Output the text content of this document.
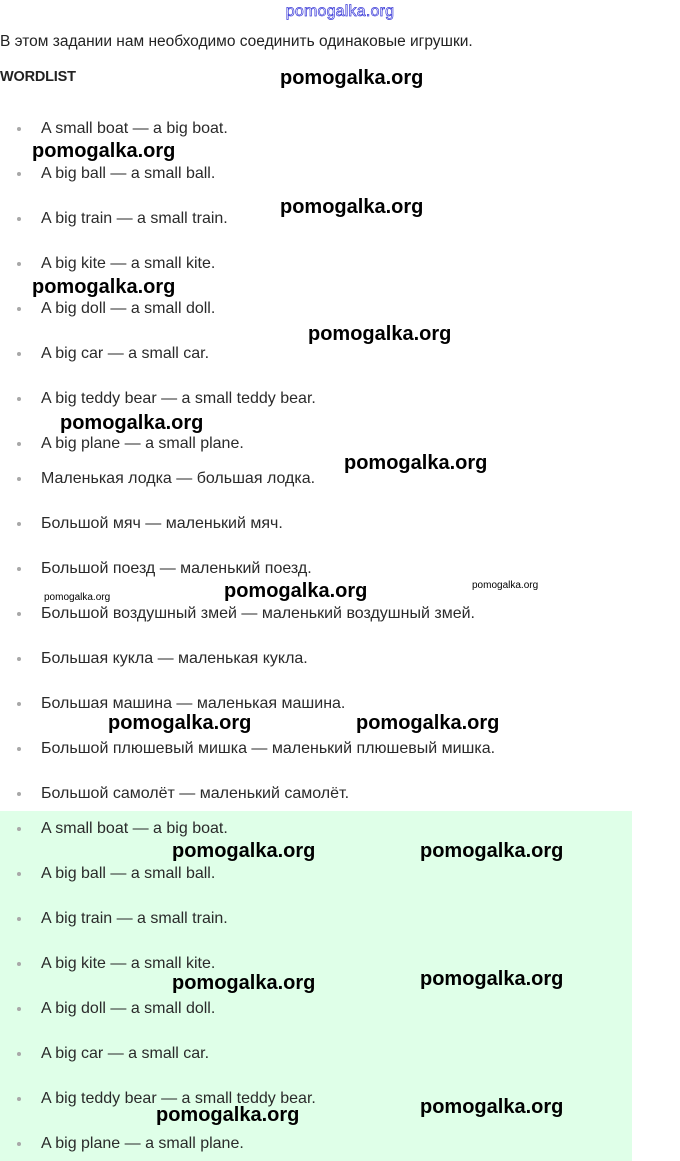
pomogalka.org
В этом задании нам необходимо соединить одинаковые игрушки.
WORDLIST
A small boat — a big boat.
A big ball — a small ball.
A big train — a small train.
A big kite — a small kite.
A big doll — a small doll.
A big car — a small car.
A big teddy bear — a small teddy bear.
A big plane — a small plane.
Маленькая лодка — большая лодка.
Большой мяч — маленький мяч.
Большой поезд — маленький поезд.
Большой воздушный змей — маленький воздушный змей.
Большая кукла — маленькая кукла.
Большая машина — маленькая машина.
Большой плюшевый мишка — маленький плюшевый мишка.
Большой самолёт — маленький самолёт.
A small boat — a big boat.
A big ball — a small ball.
A big train — a small train.
A big kite — a small kite.
A big doll — a small doll.
A big car — a small car.
A big teddy bear — a small teddy bear.
A big plane — a small plane.
pomogalka.org
pomogalka.org
pomogalka.org
pomogalka.org
pomogalka.org
pomogalka.org
pomogalka.org
pomogalka.org	pomogalka.org
pomogalka.org
pomogalka.org	pomogalka.org
pomogalka.org	pomogalka.org
pomogalka.org	pomogalka.org
pomogalka.org	pomogalka.org
